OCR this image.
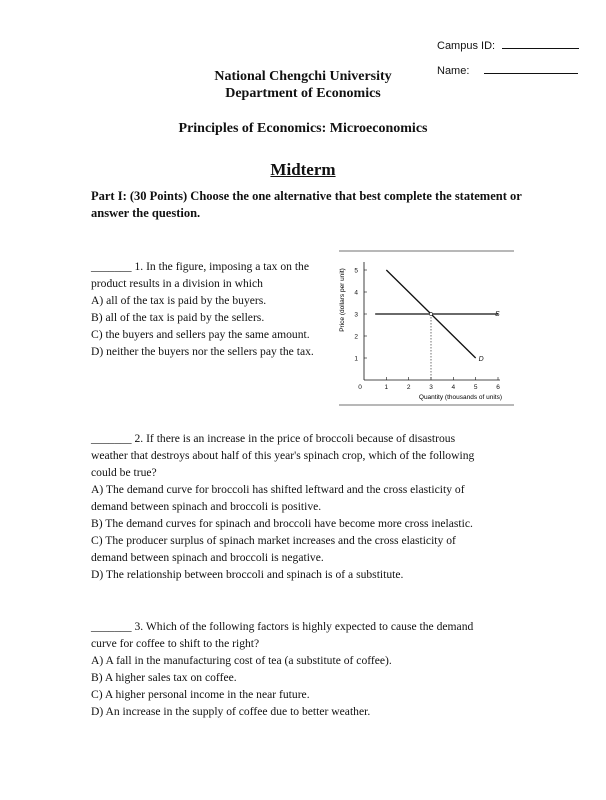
Campus ID:
Name:
National Chengchi University
Department of Economics
Principles of Economics: Microeconomics
Midterm
Part I: (30 Points) Choose the one alternative that best complete the statement or
answer the question.
_______ 1. In the figure, imposing a tax on the
product results in a division in which
A) all of the tax is paid by the buyers.
B) all of the tax is paid by the sellers.
C) the buyers and sellers pay the same amount.
D) neither the buyers nor the sellers pay the tax.
Price (dollars per unit)
Quantity (thousands of units)
0	1	2	3	4	5	6
1
2
3
4
5
S
D
_______ 2. If there is an increase in the price of broccoli because of disastrous
weather that destroys about half of this year's spinach crop, which of the following
could be true?
A) The demand curve for broccoli has shifted leftward and the cross elasticity of
demand between spinach and broccoli is positive.
B) The demand curves for spinach and broccoli have become more cross inelastic.
C) The producer surplus of spinach market increases and the cross elasticity of
demand between spinach and broccoli is negative.
D) The relationship between broccoli and spinach is of a substitute.
_______ 3. Which of the following factors is highly expected to cause the demand
curve for coffee to shift to the right?
A) A fall in the manufacturing cost of tea (a substitute of coffee).
B) A higher sales tax on coffee.
C) A higher personal income in the near future.
D) An increase in the supply of coffee due to better weather.
